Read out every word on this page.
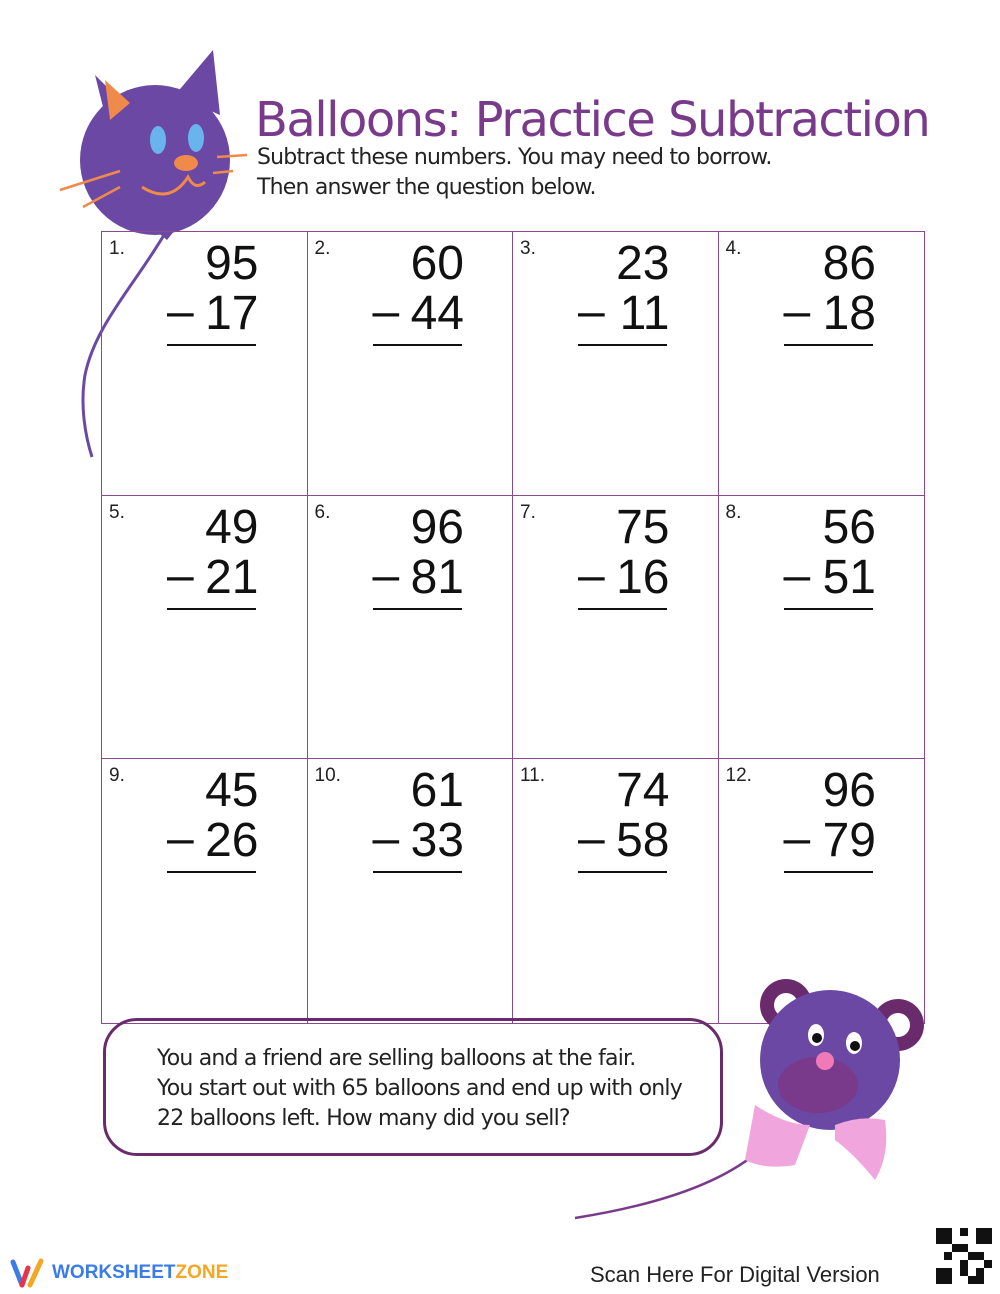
Balloons: Practice Subtraction
Subtract these numbers. You may need to borrow.
Then answer the question below.
1. 95
– 17
2. 60
– 44
3. 23
– 11
4. 86
– 18
5. 49
– 21
6. 96
– 81
7. 75
– 16
8. 56
– 51
9. 45
– 26
10. 61
– 33
11. 74
– 58
12. 96
– 79
You and a friend are selling balloons at the fair.
You start out with 65 balloons and end up with only
22 balloons left. How many did you sell?
WORKSHEETZONE	Scan Here For Digital Version
